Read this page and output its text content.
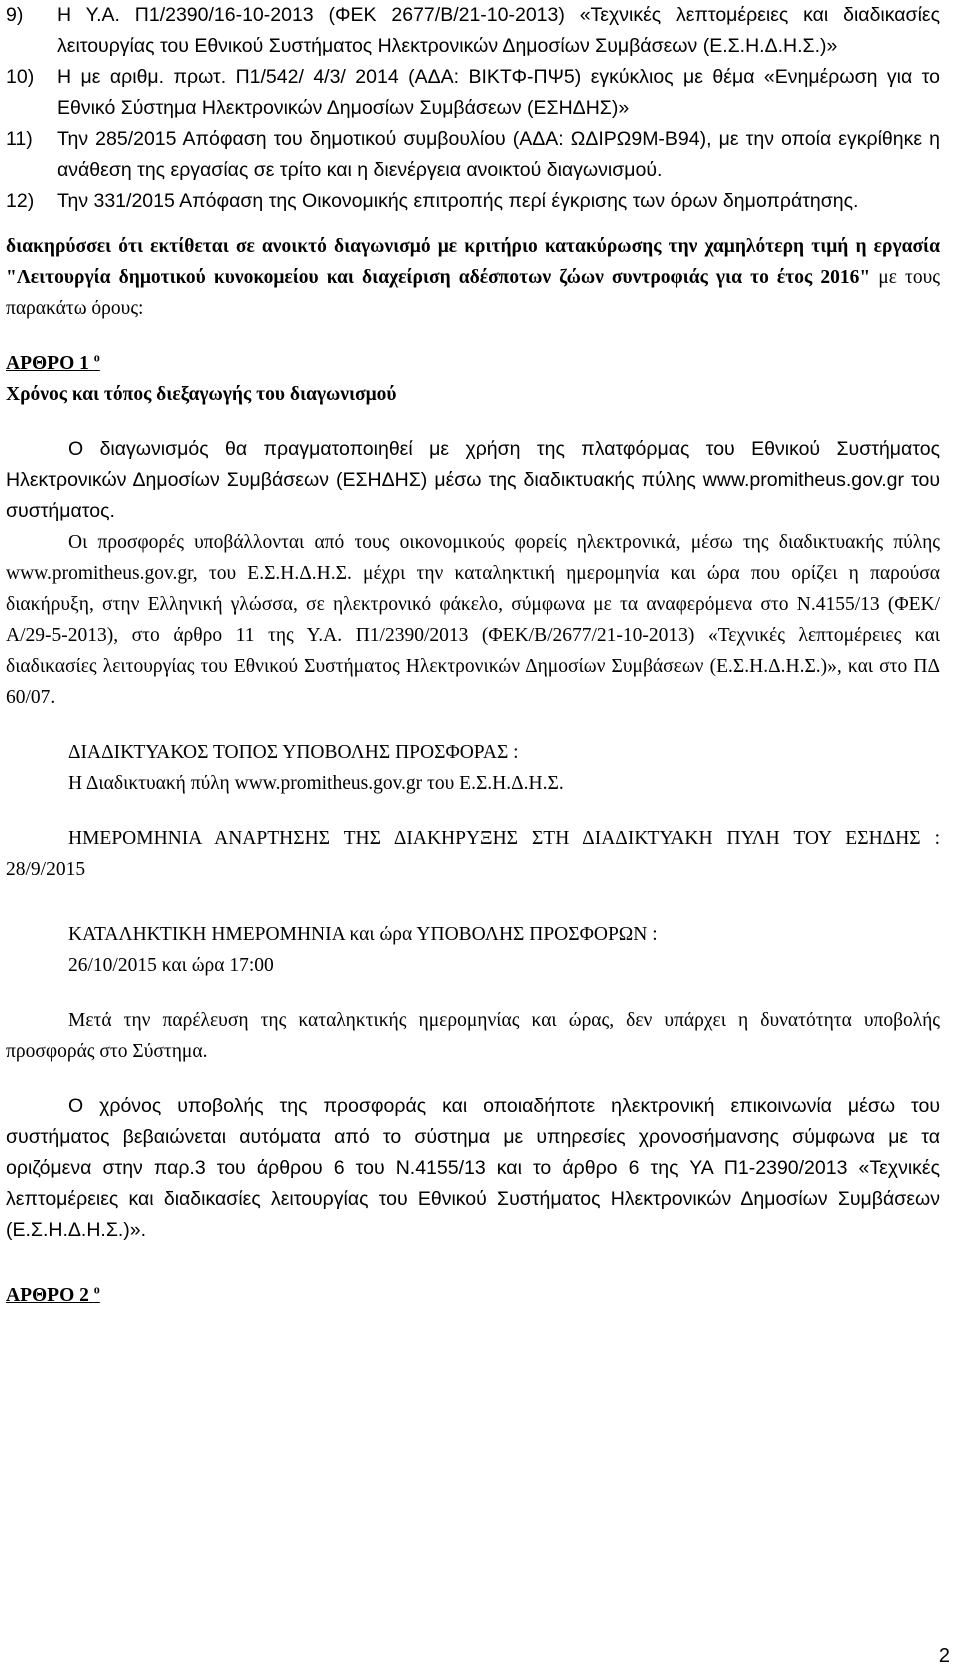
9)	Η Υ.Α. Π1/2390/16-10-2013 (ΦΕΚ 2677/Β/21-10-2013) «Τεχνικές λεπτομέρειες και διαδικασίες λειτουργίας του Εθνικού Συστήματος Ηλεκτρονικών Δημοσίων Συμβάσεων (Ε.Σ.Η.Δ.Η.Σ.)»
10)	Η με αριθμ. πρωτ. Π1/542/ 4/3/ 2014 (ΑΔΑ: ΒΙΚΤΦ-ΠΨ5) εγκύκλιος με θέμα «Ενημέρωση για το Εθνικό Σύστημα Ηλεκτρονικών Δημοσίων Συμβάσεων (ΕΣΗΔΗΣ)»
11)	Την 285/2015 Απόφαση του δημοτικού συμβουλίου (ΑΔΑ: ΩΔΙΡΩ9Μ-Β94), με την οποία εγκρίθηκε η ανάθεση της εργασίας σε τρίτο και η διενέργεια ανοικτού διαγωνισμού.
12)	Την 331/2015 Απόφαση της Οικονομικής επιτροπής περί έγκρισης των όρων δημοπράτησης.

διακηρύσσει ότι εκτίθεται σε ανοικτό διαγωνισμό με κριτήριο κατακύρωσης την χαμηλότερη τιμή η εργασία "Λειτουργία δημοτικού κυνοκομείου και διαχείριση αδέσποτων ζώων συντροφιάς για το έτος 2016" με τους παρακάτω όρους:

ΑΡΘΡΟ 1 $^o$

Χρόνος και τόπος διεξαγωγής του διαγωνισμού

Ο διαγωνισμός θα πραγματοποιηθεί με χρήση της πλατφόρμας του Εθνικού Συστήματος Ηλεκτρονικών Δημοσίων Συμβάσεων (ΕΣΗΔΗΣ) μέσω της διαδικτυακής πύλης www.promitheus.gov.gr του συστήματος.

Οι προσφορές υποβάλλονται από τους οικονομικούς φορείς ηλεκτρονικά, μέσω της διαδικτυακής πύλης www.promitheus.gov.gr, του Ε.Σ.Η.Δ.Η.Σ. μέχρι την καταληκτική ημερομηνία και ώρα που ορίζει η παρούσα διακήρυξη, στην Ελληνική γλώσσα, σε ηλεκτρονικό φάκελο, σύμφωνα με τα αναφερόμενα στο Ν.4155/13 (ΦΕΚ/Α/29-5-2013), στο άρθρο 11 της Υ.Α. Π1/2390/2013 (ΦΕΚ/Β/2677/21-10-2013) «Τεχνικές λεπτομέρειες και διαδικασίες λειτουργίας του Εθνικού Συστήματος Ηλεκτρονικών Δημοσίων Συμβάσεων (Ε.Σ.Η.Δ.Η.Σ.)», και στο ΠΔ 60/07.

ΔΙΑΔΙΚΤΥΑΚΟΣ ΤΟΠΟΣ ΥΠΟΒΟΛΗΣ ΠΡΟΣΦΟΡΑΣ :

Η Διαδικτυακή πύλη www.promitheus.gov.gr του Ε.Σ.Η.Δ.Η.Σ.

ΗΜΕΡΟΜΗΝΙΑ ΑΝΑΡΤΗΣΗΣ ΤΗΣ ΔΙΑΚΗΡΥΞΗΣ ΣΤΗ ΔΙΑΔΙΚΤΥΑΚΗ ΠΥΛΗ ΤΟΥ ΕΣΗΔΗΣ : 28/9/2015

ΚΑΤΑΛΗΚΤΙΚΗ ΗΜΕΡΟΜΗΝΙΑ και ώρα ΥΠΟΒΟΛΗΣ ΠΡΟΣΦΟΡΩΝ :

26/10/2015 και ώρα 17:00

Μετά την παρέλευση της καταληκτικής ημερομηνίας και ώρας, δεν υπάρχει η δυνατότητα υποβολής προσφοράς στο Σύστημα.

Ο χρόνος υποβολής της προσφοράς και οποιαδήποτε ηλεκτρονική επικοινωνία μέσω του συστήματος βεβαιώνεται αυτόματα από το σύστημα με υπηρεσίες χρονοσήμανσης σύμφωνα με τα οριζόμενα στην παρ.3 του άρθρου 6 του Ν.4155/13 και το άρθρο 6 της ΥΑ Π1-2390/2013 «Τεχνικές λεπτομέρειες και διαδικασίες λειτουργίας του Εθνικού Συστήματος Ηλεκτρονικών Δημοσίων Συμβάσεων (Ε.Σ.Η.Δ.Η.Σ.)».

ΑΡΘΡΟ 2 $^o$

2
